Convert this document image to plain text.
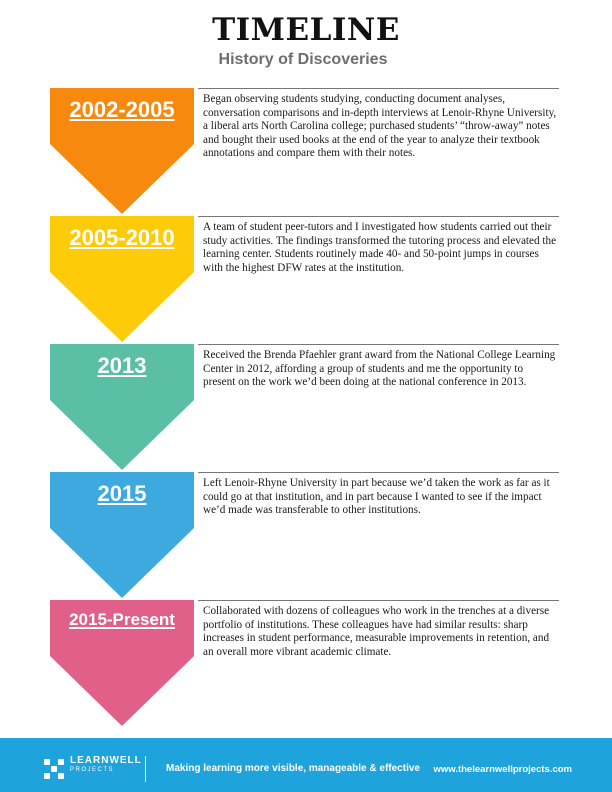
TIMELINE
History of Discoveries
2002-2005	Began observing students studying, conducting document analyses, conversation comparisons and in-depth interviews at Lenoir-Rhyne University, a liberal arts North Carolina college; purchased students’ “throw-away” notes and bought their used books at the end of the year to analyze their textbook annotations and compare them with their notes.
2005-2010	A team of student peer-tutors and I investigated how students carried out their study activities. The findings transformed the tutoring process and elevated the learning center. Students routinely made 40- and 50-point jumps in courses with the highest DFW rates at the institution.
2013	Received the Brenda Pfaehler grant award from the National College Learning Center in 2012, affording a group of students and me the opportunity to present on the work we’d been doing at the national conference in 2013.
2015	Left Lenoir-Rhyne University in part because we’d taken the work as far as it could go at that institution, and in part because I wanted to see if the impact we’d made was transferable to other institutions.
2015-Present	Collaborated with dozens of colleagues who work in the trenches at a diverse portfolio of institutions. These colleagues have had similar results: sharp increases in student performance, measurable improvements in retention, and an overall more vibrant academic climate.
LEARNWELL
PROJECTS	Making learning more visible, manageable & effective www.thelearnwellprojects.com
